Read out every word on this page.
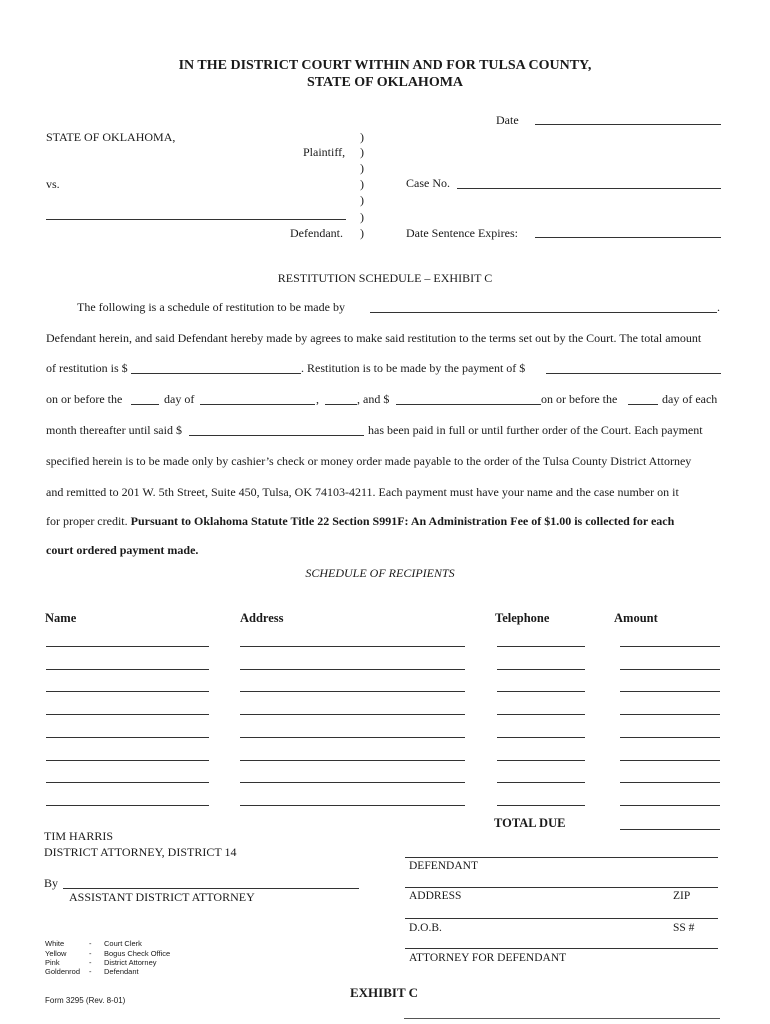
IN THE DISTRICT COURT WITHIN AND FOR TULSA COUNTY,
STATE OF OKLAHOMA
Date
STATE OF OKLAHOMA,
Plaintiff,
vs.
Defendant.
)
)
)
)
)
)
)
Case No.
Date Sentence Expires:
RESTITUTION SCHEDULE – EXHIBIT C
The following is a schedule of restitution to be made by	.
Defendant herein, and said Defendant hereby made by agrees to make said restitution to the terms set out by the Court. The total amount
of restitution is $	. Restitution is to be made by the payment of $
on or before the	day of	,	, and $	on or before the	day of each
month thereafter until said $	has been paid in full or until further order of the Court. Each payment
specified herein is to be made only by cashier’s check or money order made payable to the order of the Tulsa County District Attorney
and remitted to 201 W. 5th Street, Suite 450, Tulsa, OK 74103-4211. Each payment must have your name and the case number on it
for proper credit. Pursuant to Oklahoma Statute Title 22 Section S991F: An Administration Fee of $1.00 is collected for each
court ordered payment made.
SCHEDULE OF RECIPIENTS
Name	Address	Telephone	Amount
TOTAL DUE
TIM HARRIS
DISTRICT ATTORNEY, DISTRICT 14
By
ASSISTANT DISTRICT ATTORNEY
DEFENDANT
ADDRESS	ZIP
D.O.B.	SS #
ATTORNEY FOR DEFENDANT
White	- Court Clerk
Yellow	- Bogus Check Office
Pink	- District Attorney
Goldenrod - Defendant
Form 3295 (Rev. 8-01)
EXHIBIT C
